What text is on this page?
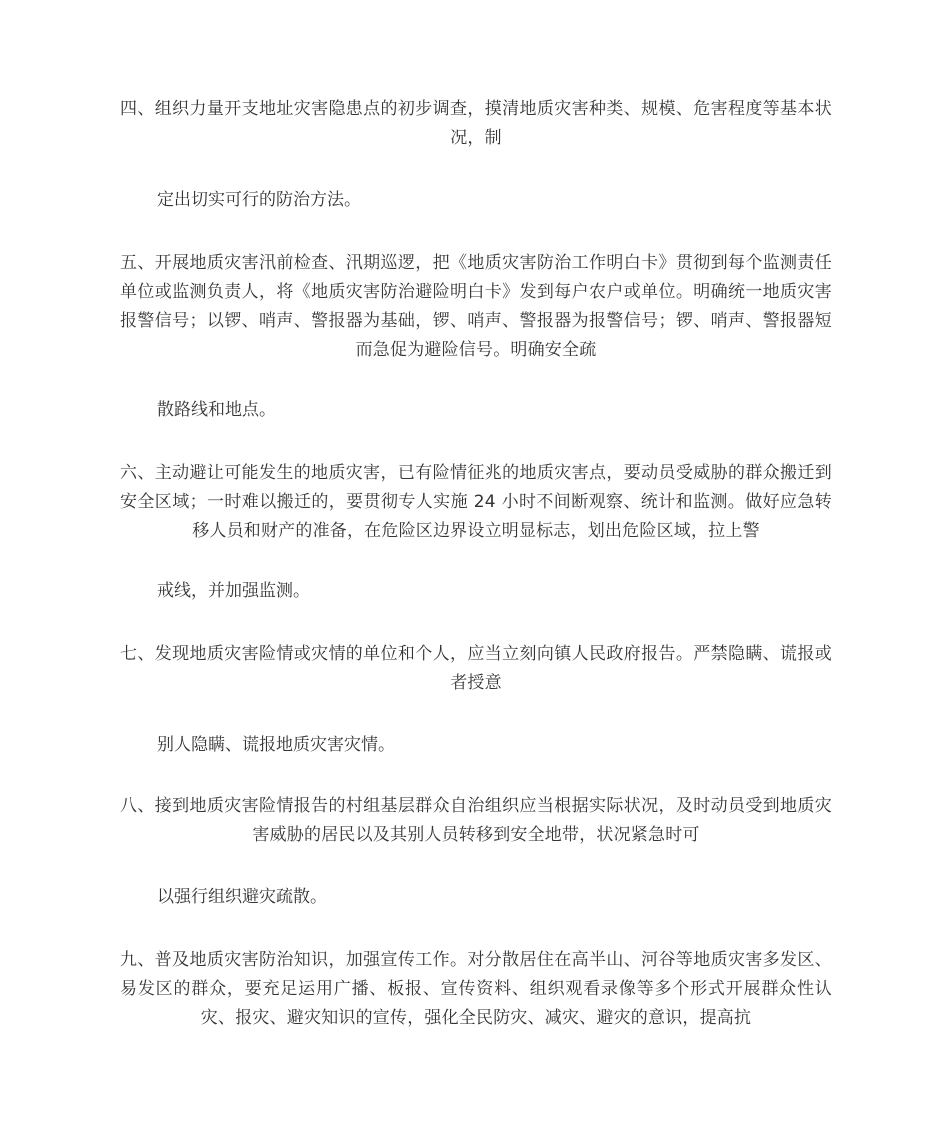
四、组织力量开支地址灾害隐患点的初步调查，摸清地质灾害种类、规模、危害程度等基本状况，制

定出切实可行的防治方法。

五、开展地质灾害汛前检查、汛期巡逻，把《地质灾害防治工作明白卡》贯彻到每个监测责任单位或监测负责人，将《地质灾害防治避险明白卡》发到每户农户或单位。明确统一地质灾害报警信号；以锣、哨声、警报器为基础，锣、哨声、警报器为报警信号；锣、哨声、警报器短而急促为避险信号。明确安全疏

散路线和地点。

六、主动避让可能发生的地质灾害，已有险情征兆的地质灾害点，要动员受威胁的群众搬迁到安全区域；一时难以搬迁的，要贯彻专人实施 24 小时不间断观察、统计和监测。做好应急转移人员和财产的准备，在危险区边界设立明显标志，划出危险区域，拉上警

戒线，并加强监测。

七、发现地质灾害险情或灾情的单位和个人，应当立刻向镇人民政府报告。严禁隐瞒、谎报或者授意

别人隐瞒、谎报地质灾害灾情。

八、接到地质灾害险情报告的村组基层群众自治组织应当根据实际状况，及时动员受到地质灾害威胁的居民以及其别人员转移到安全地带，状况紧急时可

以强行组织避灾疏散。

九、普及地质灾害防治知识，加强宣传工作。对分散居住在高半山、河谷等地质灾害多发区、易发区的群众，要充足运用广播、板报、宣传资料、组织观看录像等多个形式开展群众性认灾、报灾、避灾知识的宣传，强化全民防灾、减灾、避灾的意识，提高抗
